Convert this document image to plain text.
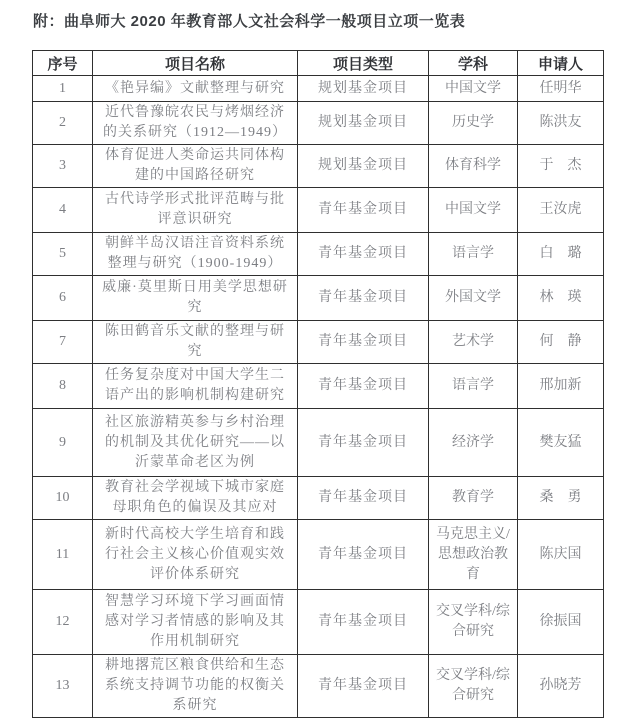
附：曲阜师大 2020 年教育部人文社会科学一般项目立项一览表
序号	项目名称	项目类型	学科	申请人
1	《艳异编》文献整理与研究	规划基金项目	中国文学	任明华
2	近代鲁豫皖农民与烤烟经济的关系研究（1912—1949）	规划基金项目	历史学	陈洪友
3	体育促进人类命运共同体构建的中国路径研究	规划基金项目	体育科学	于　杰
4	古代诗学形式批评范畴与批评意识研究	青年基金项目	中国文学	王汝虎
5	朝鲜半岛汉语注音资料系统整理与研究（1900-1949）	青年基金项目	语言学	白　璐
6	威廉·莫里斯日用美学思想研究	青年基金项目	外国文学	林　瑛
7	陈田鹤音乐文献的整理与研究	青年基金项目	艺术学	何　静
8	任务复杂度对中国大学生二语产出的影响机制构建研究	青年基金项目	语言学	邢加新
9	社区旅游精英参与乡村治理的机制及其优化研究——以沂蒙革命老区为例	青年基金项目	经济学	樊友猛
10	教育社会学视域下城市家庭母职角色的偏误及其应对	青年基金项目	教育学	桑　勇
11	新时代高校大学生培育和践行社会主义核心价值观实效评价体系研究	青年基金项目	马克思主义/思想政治教育	陈庆国
12	智慧学习环境下学习画面情感对学习者情感的影响及其作用机制研究	青年基金项目	交叉学科/综合研究	徐振国
13	耕地撂荒区粮食供给和生态系统支持调节功能的权衡关系研究	青年基金项目	交叉学科/综合研究	孙晓芳
